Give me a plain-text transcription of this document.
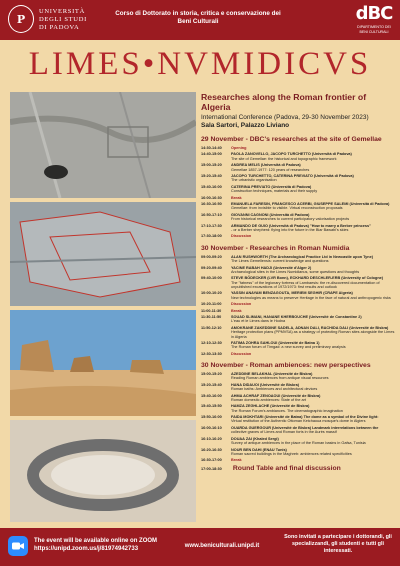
P
UNIVERSITÀ
DEGLI STUDI
DI PADOVA
Corso di Dottorato in storia, critica e conservazione dei Beni Culturali	dBC
DIPARTIMENTO DEI BENI CULTURALI
LIMES•NVMIDICVS
Researches along the Roman frontier of Algeria
International Conference (Padova, 29-30 November 2023)
Sala Sartori, Palazzo Liviano
29 November - DBC's researches at the site of Gemellae
14:30-14:40	Opening
14:40-15:00	PAOLA ZANOVELLO, JACOPO TURCHETTO (Università di Padova)
The site of Gemellae: the historical and topographic framework
15:00-15:20	ANDREA MELIS (Università di Padova)
Gemellae 1857-1977: 120 years of researches
15:20-15:40	JACOPO TURCHETTO, CATERINA PREVIATO (Università di Padova)
The urbanistic organisation
15:40-16:00	CATERINA PREVIATO (Università di Padova)
Construction techniques, materials and their supply
16:00-16:30	Break
16:30-16:50	EMANUELA FARESIN, FRANCESCO ACERBI, GIUSEPPE SALEMI (Università di Padova)
Gemellae: from invisible to visible. Virtual reconstruction proposals
16:50-17:10	GIOVANNI CAGNONI (Università di Padova)
From historical researches to current participatory valorisation projects
17:10-17:30	ARMANDO DE GUIO (Università di Padova) "How to marry a Berber princess"
- or a Berber shepherd: flying into the future in the Biar Bawabi's skies
17:30-18:00	Discussion
30 November - Researches in Roman Numidia
09:00-09:20	ALAN RUSHWORTH (The Archaeological Practice Ltd in Newcastle upon Tyne)
The Limes Gemellensis: current knowledge and questions
09:20-09:40	YACINE RABAH HADJI (Université d'Alger 2)
Archaeological sites in the Limes Numidianus, some questions and thoughts
09:40-10:00	STEVE BÖDECKER (LVR Bonn), ECKHARD DESCHLER-ERB (University of Cologne)
The "fatness" of the legionary fortress of Lambaesis: the re-discovered documentation of unpublished excavations of 1972/1973: first results and outlook
10:00-10:20	YASSIN ANAYAM BENZAGOUTA, MERIEM SEGHIR (CRAPE Algeria)
New technologies as means to preserve Heritage in the face of natural and anthropogenic risks
10:20-11:00	Discussion
11:00-11:30	Break
11:30-11:50	SOUAD SLIMANI, HANANE KHERBOUCHE (Université de Constantine 2)
L'eau et le Limes dans le Hodna
11:50-12:10	AMOKRANE ZAKEDDINE SADELA, ADNAN DALI, RACHIDA DALI (Université de Biskra)
Heritage protection plans (PPMVSA) as a strategy of protecting Roman sites alongside the Limes in Algeria
12:10-12:30	FATIMA ZOHRA SAHLOUI (Université de Batna 1)
The Roman forum of Timgad: a new survey and preliminary analysis
12:30-13:30	Discussion
30 November - Roman ambiences: new perspectives
15:00-15:20	AZEDDINE BELAKHAL (Université de Biskra)
Reading Roman ambiences from antique visual resources
15:20-15:40	HANA DIDAUOI (Université de Biskra)
Roman baths: Ambiences and architectural devices
15:40-16:00	AHMA ACHRAF ZENOAOUI (Université de Biskra)
Roman domestic ambiences: State of the art
15:40-15:50	HAMZA ZEGHLACHE (Université de Biskra)
The Roman Forum's ambiances. The cinematographic imagination
15:50-16:00	FAIDA MOKHTARI (Université de Batna) The dome as a symbol of the Divine light:
Virtual restitution of the Authentic Ottoman Ketchaoua mosque's dome in Algiers
16:00-16:10	OUARDA GUERGOUR (Université de Biskra) Landmark interrelations between the
collective graves of Limes and Roman forts in the Aurès massif
16:10-16:20	DOUAA ZAI (Khaled Sergi)
Survey of antique ambiences in the place of the Roman basins in Gafsa, Tunisia
16:20-16:30	NOUR BEN DAHI (ENAU Tunis)
Roman sacred buildings in the Maghreb: ambiences related specificities
16:30-17:00	Break
17:00-18:30 Round Table and final discussion
The event will be available online on ZOOM https://unipd.zoom.us/j/81974942733	www.beniculturali.unipd.it
Sono invitati a partecipare i dottorandi, gli specializzandi, gli studenti e tutti gli interessati.
